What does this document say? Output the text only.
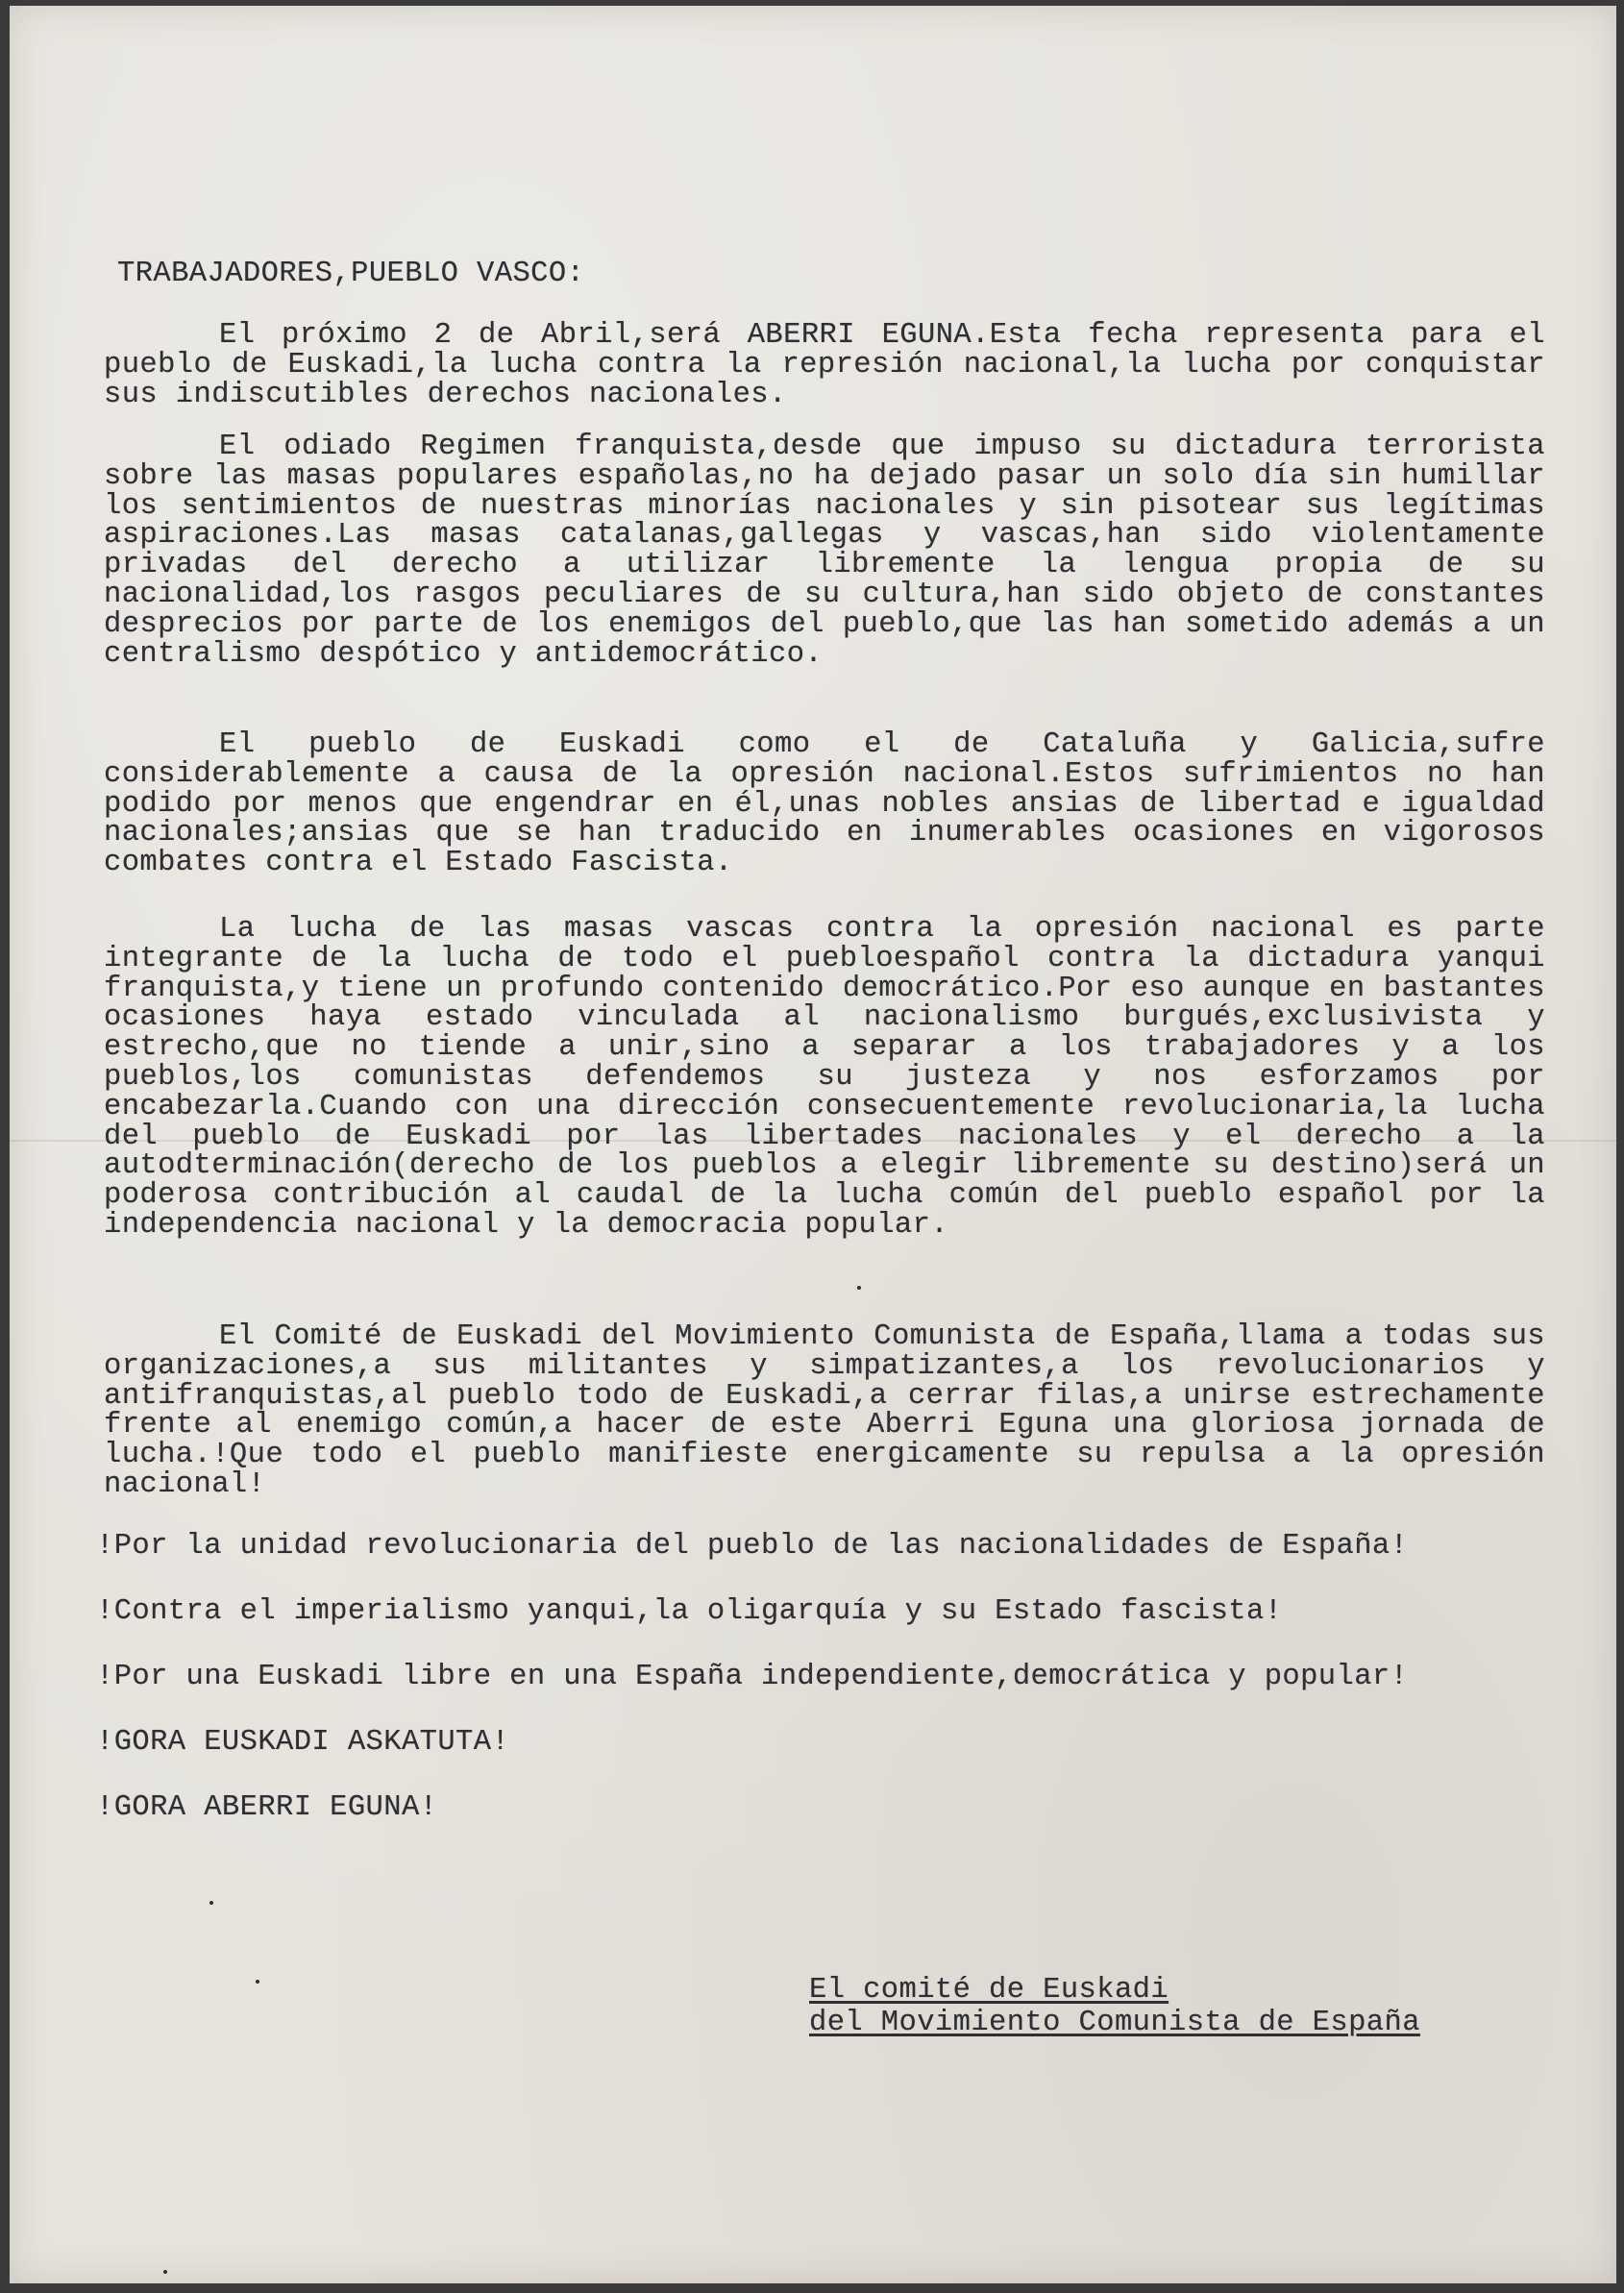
TRABAJADORES,PUEBLO VASCO:

El próximo 2 de Abril,será ABERRI EGUNA.Esta fecha representa para el pueblo de Euskadi,la lucha contra la represión nacional,la lucha por conquistar sus indiscutibles derechos nacionales.

El odiado Regimen franquista,desde que impuso su dictadura terrorista sobre las masas populares españolas,no ha dejado pasar un solo día sin humillar los sentimientos de nuestras minorías nacionales y sin pisotear sus legítimas aspiraciones.Las masas catalanas,gallegas y vascas,han sido violentamente privadas del derecho a utilizar libremente la lengua propia de su nacionalidad,los rasgos peculiares de su cultura,han sido objeto de constantes desprecios por parte de los enemigos del pueblo,que las han sometido además a un centralismo despótico y antidemocrático.

El pueblo de Euskadi como el de Cataluña y Galicia,sufre considerablemente a causa de la opresión nacional.Estos sufrimientos no han podido por menos que engendrar en él,unas nobles ansias de libertad e igualdad nacionales;ansias que se han traducido en inumerables ocasiones en vigorosos combates contra el Estado Fascista.

La lucha de las masas vascas contra la opresión nacional es parte integrante de la lucha de todo el puebloespañol contra la dictadura yanqui franquista,y tiene un profundo contenido democrático.Por eso aunque en bastantes ocasiones haya estado vinculada al nacionalismo burgués,exclusivista y estrecho,que no tiende a unir,sino a separar a los trabajadores y a los pueblos,los comunistas defendemos su justeza y nos esforzamos por encabezarla.Cuando con una dirección consecuentemente revolucionaria,la lucha del pueblo de Euskadi por las libertades nacionales y el derecho a la autodterminación(derecho de los pueblos a elegir libremente su destino)será un poderosa contribución al caudal de la lucha común del pueblo español por la independencia nacional y la democracia popular.

El Comité de Euskadi del Movimiento Comunista de España,llama a todas sus organizaciones,a sus militantes y simpatizantes,a los revolucionarios y antifranquistas,al pueblo todo de Euskadi,a cerrar filas,a unirse estrechamente frente al enemigo común,a hacer de este Aberri Eguna una gloriosa jornada de lucha.!Que todo el pueblo manifieste energicamente su repulsa a la opresión nacional!

!Por la unidad revolucionaria del pueblo de las nacionalidades de España!

!Contra el imperialismo yanqui,la oligarquía y su Estado fascista!

!Por una Euskadi libre en una España independiente,democrática y popular!

!GORA EUSKADI ASKATUTA!

!GORA ABERRI EGUNA!

El comité de Euskadi
del Movimiento Comunista de España
